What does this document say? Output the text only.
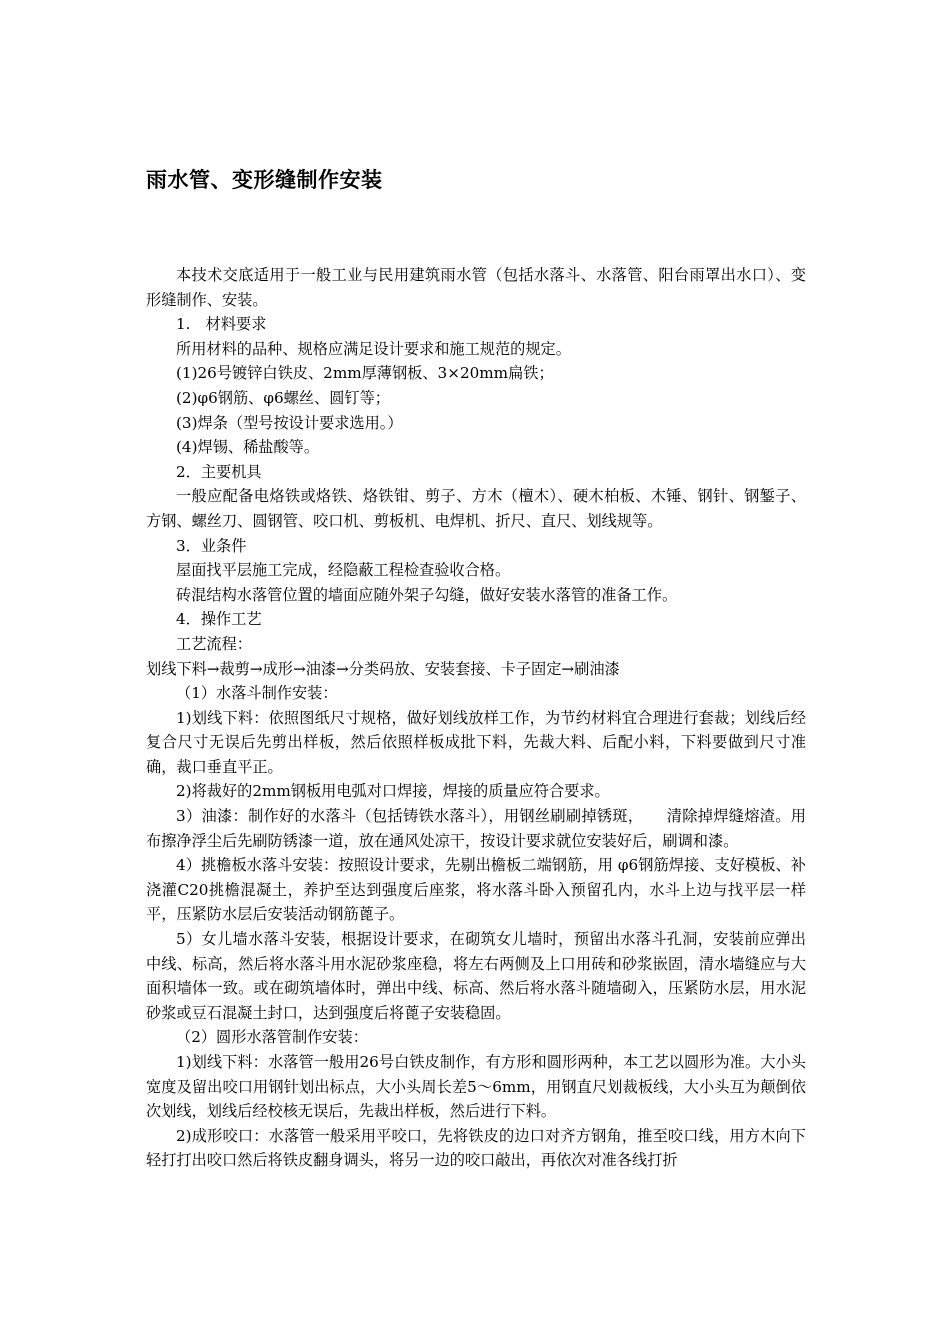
雨水管、变形缝制作安装

本技术交底适用于一般工业与民用建筑雨水管（包括水落斗、水落管、阳台雨罩出水口）、变形缝制作、安装。

1.　材料要求

所用材料的品种、规格应满足设计要求和施工规范的规定。

(1)26号镀锌白铁皮、2mm厚薄钢板、3×20mm扁铁；

(2)φ6钢筋、φ6螺丝、圆钉等；

(3)焊条（型号按设计要求选用。）

(4)焊锡、稀盐酸等。

2．主要机具

一般应配备电烙铁或烙铁、烙铁钳、剪子、方木（檀木）、硬木柏板、木锤、钢针、钢錾子、方钢、螺丝刀、圆钢管、咬口机、剪板机、电焊机、折尺、直尺、划线规等。

3．业条件

屋面找平层施工完成，经隐蔽工程检查验收合格。

砖混结构水落管位置的墙面应随外架子勾缝，做好安装水落管的准备工作。

4．操作工艺

工艺流程：

划线下料→裁剪→成形→油漆→分类码放、安装套接、卡子固定→刷油漆

（1）水落斗制作安装：

1)划线下料：依照图纸尺寸规格，做好划线放样工作，为节约材料宜合理进行套裁；划线后经复合尺寸无误后先剪出样板，然后依照样板成批下料，先裁大料、后配小料，下料要做到尺寸准确，裁口垂直平正。

2)将裁好的2mm钢板用电弧对口焊接，焊接的质量应符合要求。

3）油漆：制作好的水落斗（包括铸铁水落斗），用钢丝刷刷掉锈斑，　　清除掉焊缝熔渣。用布擦净浮尘后先刷防锈漆一道，放在通风处凉干，按设计要求就位安装好后，刷调和漆。

4）挑檐板水落斗安装：按照设计要求，先剔出檐板二端钢筋，用 φ6钢筋焊接、支好模板、补浇灌C20挑檐混凝土，养护至达到强度后座浆，将水落斗卧入预留孔内，水斗上边与找平层一样平，压紧防水层后安装活动钢筋蓖子。

5）女儿墙水落斗安装，根据设计要求，在砌筑女儿墙时，预留出水落斗孔洞，安装前应弹出中线、标高，然后将水落斗用水泥砂浆座稳，将左右两侧及上口用砖和砂浆嵌固，清水墙缝应与大面积墙体一致。或在砌筑墙体时，弹出中线、标高、然后将水落斗随墙砌入，压紧防水层，用水泥砂浆或豆石混凝土封口，达到强度后将蓖子安装稳固。

（2）圆形水落管制作安装：

1)划线下料：水落管一般用26号白铁皮制作，有方形和圆形两种，本工艺以圆形为准。大小头宽度及留出咬口用钢针划出标点，大小头周长差5～6mm，用钢直尺划裁板线，大小头互为颠倒依次划线，划线后经校核无误后，先裁出样板，然后进行下料。

2)成形咬口：水落管一般采用平咬口，先将铁皮的边口对齐方钢角，推至咬口线，用方木向下轻打打出咬口然后将铁皮翻身调头，将另一边的咬口敲出，再依次对准各线打折
